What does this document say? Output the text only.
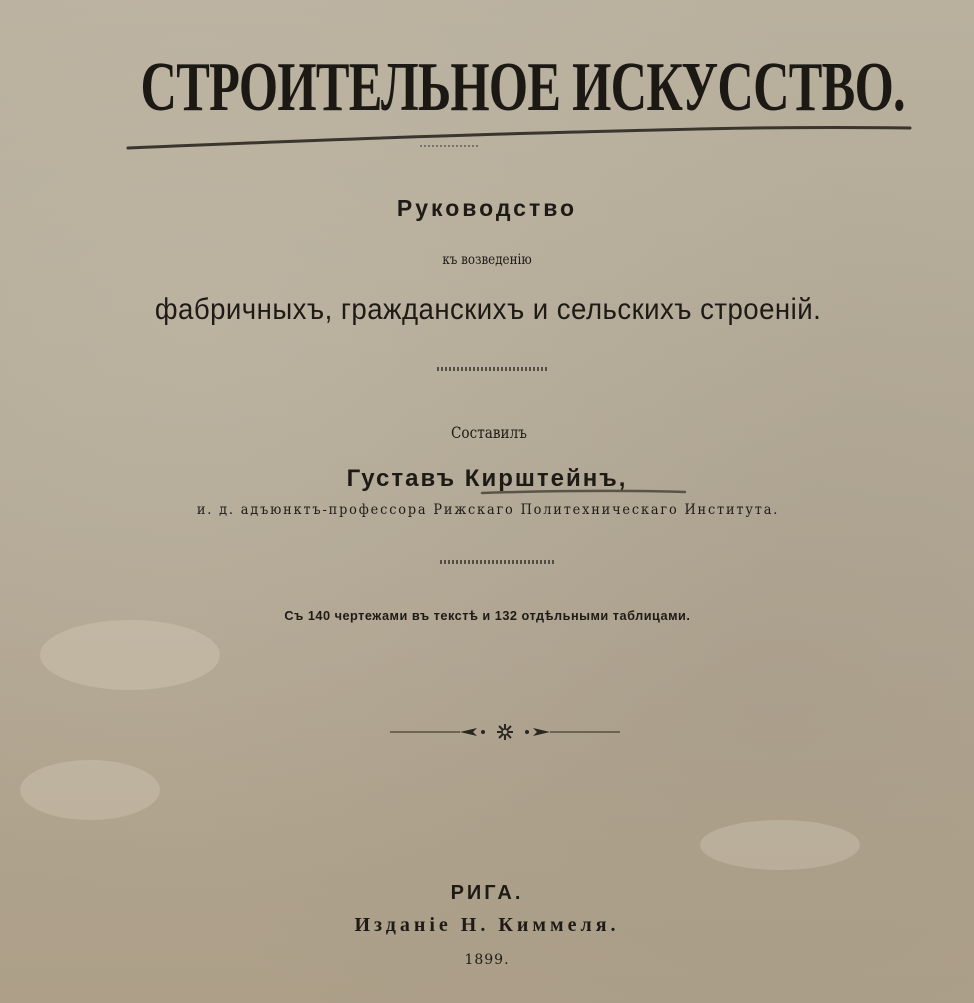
СТРОИТЕЛЬНОЕ ИСКУССТВО.
Руководство
къ возведенію
фабричныхъ, гражданскихъ и сельскихъ строеній.
Составилъ
Густавъ Кирштейнъ,
и. д. адъюнктъ-профессора Рижскаго Политехническаго Института.
Съ 140 чертежами въ текстѣ и 132 отдѣльными таблицами.
РИГА.
Изданіе Н. Киммеля.
1899.
